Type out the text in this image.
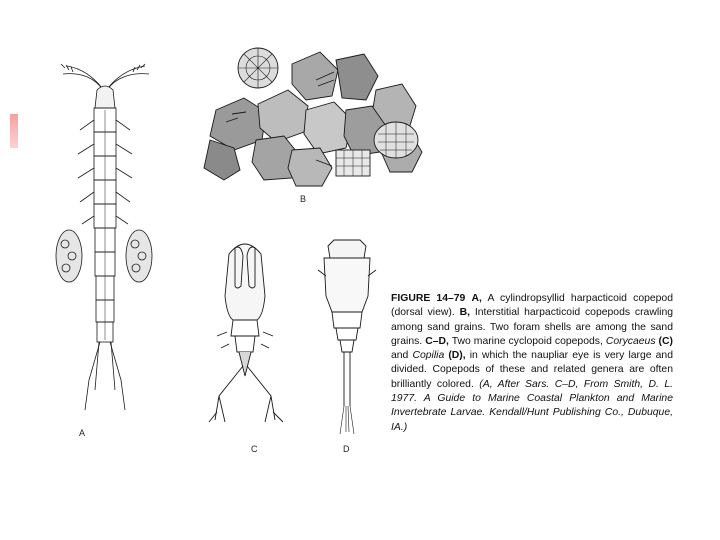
A
B
C	D
FIGURE 14–79 A, A cylindropsyllid harpacticoid copepod (dorsal view). B, Interstitial harpacticoid copepods crawling among sand grains. Two foram shells are among the sand grains. C–D, Two marine cyclopoid copepods, Corycaeus (C) and Copilia (D), in which the naupliar eye is very large and divided. Copepods of these and related genera are often brilliantly colored. (A, After Sars. C–D, From Smith, D. L. 1977. A Guide to Marine Coastal Plankton and Marine Invertebrate Larvae. Kendall/Hunt Publishing Co., Dubuque, IA.)
